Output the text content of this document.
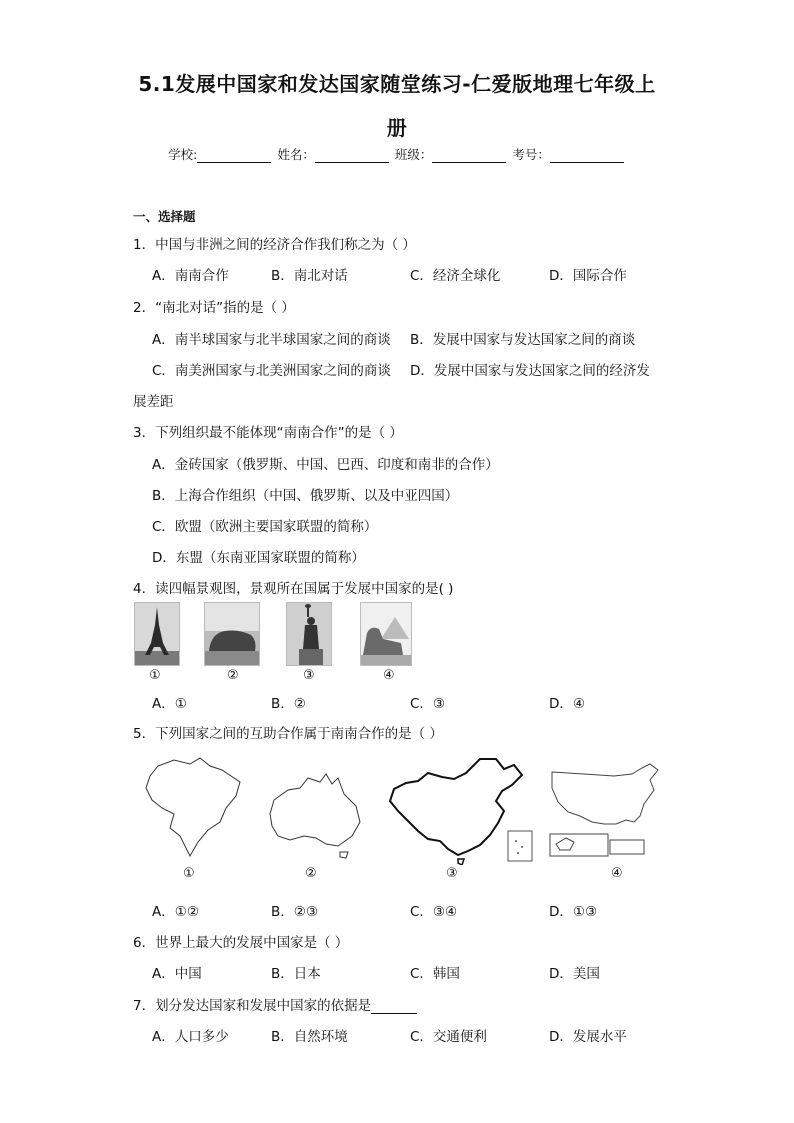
5.1发展中国家和发达国家随堂练习-仁爱版地理七年级上
册
学校:	姓名：	班级：	考号：
一、选择题
1．中国与非洲之间的经济合作我们称之为（ ）
A．南南合作	B．南北对话	C．经济全球化	D．国际合作
2．“南北对话”指的是（ ）
A．南半球国家与北半球国家之间的商谈 B．发展中国家与发达国家之间的商谈
C．南美洲国家与北美洲国家之间的商谈 D．发展中国家与发达国家之间的经济发
展差距
3．下列组织最不能体现“南南合作”的是（ ）
A．金砖国家（俄罗斯、中国、巴西、印度和南非的合作）
B．上海合作组织（中国、俄罗斯、以及中亚四国）
C．欧盟（欧洲主要国家联盟的简称）
D．东盟（东南亚国家联盟的简称）
4．读四幅景观图，景观所在国属于发展中国家的是( )
①	②	③	④
A．①	B．②	C．③	D．④
5．下列国家之间的互助合作属于南南合作的是（ ）
①	②	③	④
A．①②	B．②③	C．③④	D．①③
6．世界上最大的发展中国家是（ ）
A．中国	B．日本	C．韩国	D．美国
7．划分发达国家和发展中国家的依据是
A．人口多少	B．自然环境	C．交通便利	D．发展水平
